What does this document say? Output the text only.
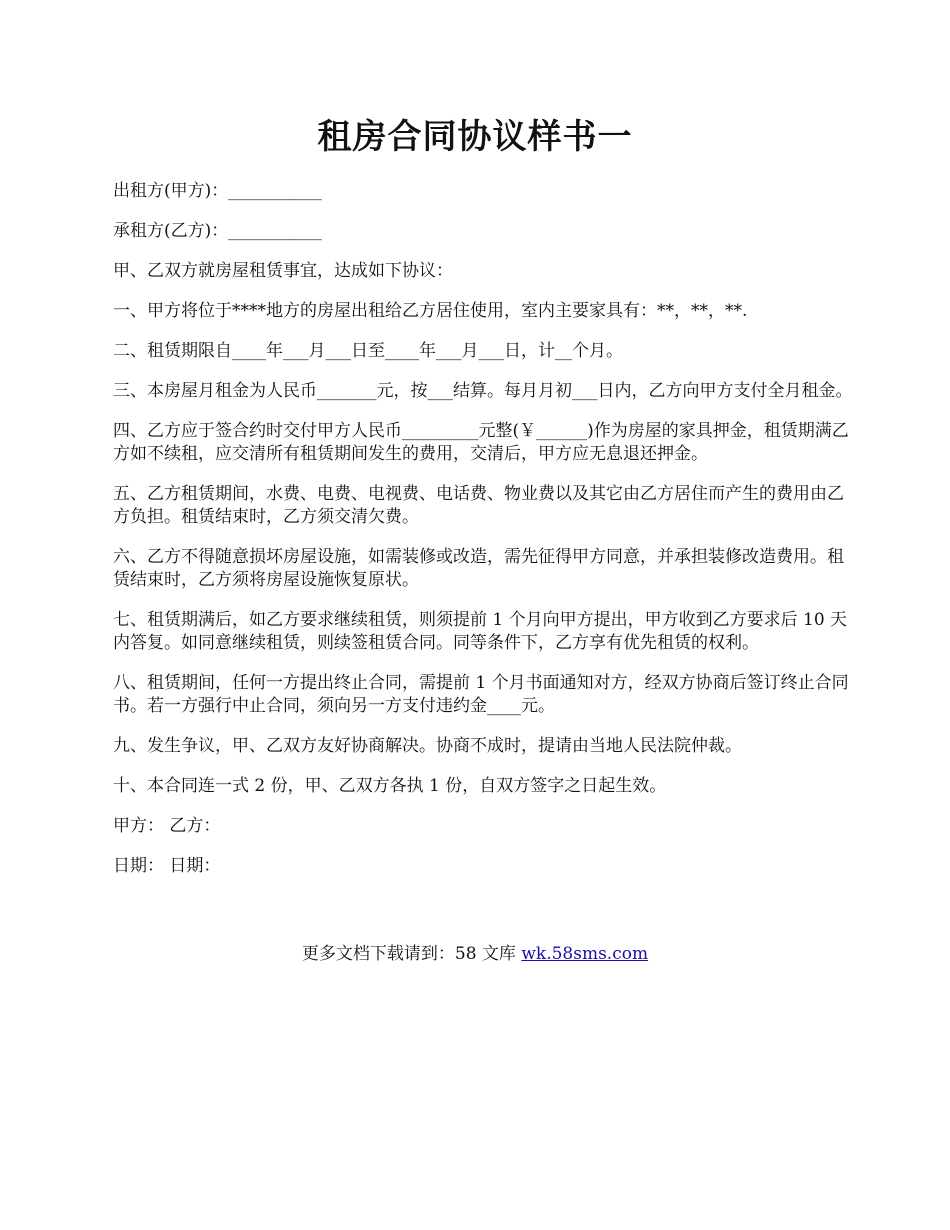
租房合同协议样书一

出租方(甲方)：___________

承租方(乙方)：___________

甲、乙双方就房屋租赁事宜，达成如下协议：

一、甲方将位于****地方的房屋出租给乙方居住使用，室内主要家具有：**，**，**.

二、租赁期限自____年___月___日至____年___月___日，计__个月。

三、本房屋月租金为人民币_______元，按___结算。每月月初___日内，乙方向甲方支付全月租金。

四、乙方应于签合约时交付甲方人民币_________元整(￥______)作为房屋的家具押金，租赁期满乙方如不续租，应交清所有租赁期间发生的费用，交清后，甲方应无息退还押金。

五、乙方租赁期间，水费、电费、电视费、电话费、物业费以及其它由乙方居住而产生的费用由乙方负担。租赁结束时，乙方须交清欠费。

六、乙方不得随意损坏房屋设施，如需装修或改造，需先征得甲方同意，并承担装修改造费用。租赁结束时，乙方须将房屋设施恢复原状。

七、租赁期满后，如乙方要求继续租赁，则须提前 1 个月向甲方提出，甲方收到乙方要求后 10 天内答复。如同意继续租赁，则续签租赁合同。同等条件下，乙方享有优先租赁的权利。

八、租赁期间，任何一方提出终止合同，需提前 1 个月书面通知对方，经双方协商后签订终止合同书。若一方强行中止合同，须向另一方支付违约金____元。

九、发生争议，甲、乙双方友好协商解决。协商不成时，提请由当地人民法院仲裁。

十、本合同连一式 2 份，甲、乙双方各执 1 份，自双方签字之日起生效。

甲方： 乙方：

日期： 日期：

更多文档下载请到：58 文库 wk.58sms.com
